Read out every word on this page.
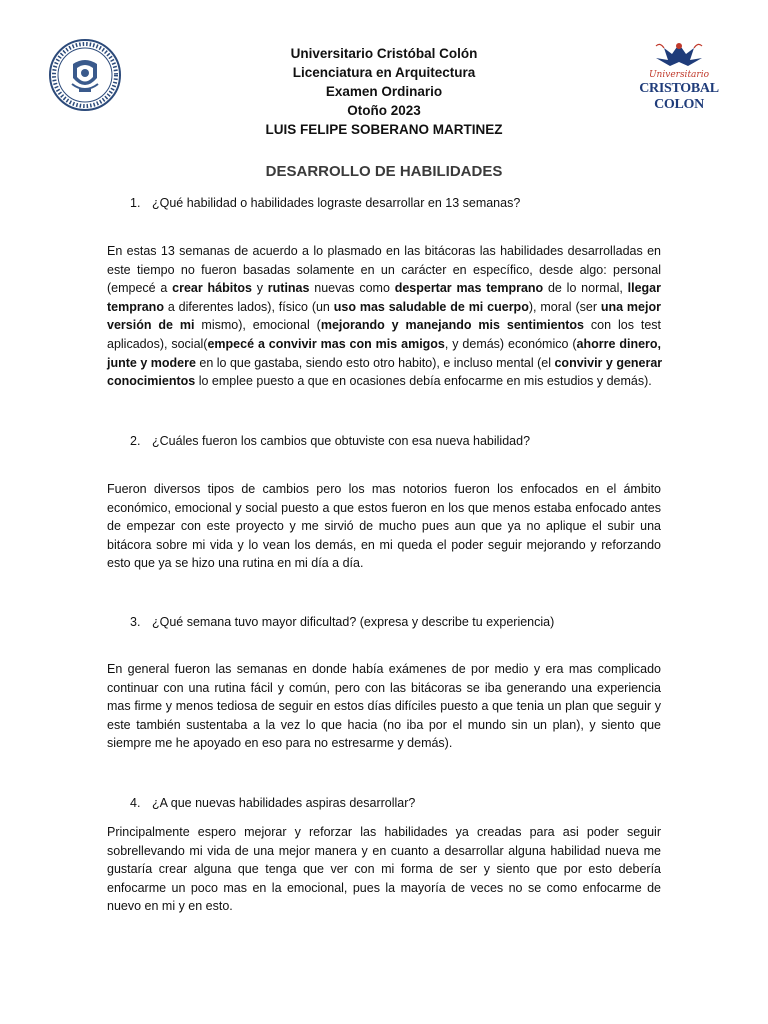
Universitario
CRISTOBAL COLON
Universitario Cristóbal Colón
Licenciatura en Arquitectura
Examen Ordinario
Otoño 2023
LUIS FELIPE SOBERANO MARTINEZ
DESARROLLO DE HABILIDADES
1. ¿Qué habilidad o habilidades lograste desarrollar en 13 semanas?
En estas 13 semanas de acuerdo a lo plasmado en las bitácoras las habilidades desarrolladas en
este tiempo no fueron basadas solamente en un carácter en específico, desde algo: personal
(empecé a crear hábitos y rutinas nuevas como despertar mas temprano de lo normal, llegar
temprano a diferentes lados), físico (un uso mas saludable de mi cuerpo), moral (ser una mejor
versión de mi mismo), emocional (mejorando y manejando mis sentimientos con los test
aplicados), social(empecé a convivir mas con mis amigos, y demás) económico (ahorre dinero,
junte y modere en lo que gastaba, siendo esto otro habito), e incluso mental (el convivir y generar
conocimientos lo emplee puesto a que en ocasiones debía enfocarme en mis estudios y demás).
2. ¿Cuáles fueron los cambios que obtuviste con esa nueva habilidad?
Fueron diversos tipos de cambios pero los mas notorios fueron los enfocados en el ámbito
económico, emocional y social puesto a que estos fueron en los que menos estaba enfocado antes
de empezar con este proyecto y me sirvió de mucho pues aun que ya no aplique el subir una
bitácora sobre mi vida y lo vean los demás, en mi queda el poder seguir mejorando y reforzando
esto que ya se hizo una rutina en mi día a día.
3. ¿Qué semana tuvo mayor dificultad? (expresa y describe tu experiencia)
En general fueron las semanas en donde había exámenes de por medio y era mas complicado
continuar con una rutina fácil y común, pero con las bitácoras se iba generando una experiencia
mas firme y menos tediosa de seguir en estos días difíciles puesto a que tenia un plan que seguir y
este también sustentaba a la vez lo que hacia (no iba por el mundo sin un plan), y siento que
siempre me he apoyado en eso para no estresarme y demás).
4. ¿A que nuevas habilidades aspiras desarrollar?
Principalmente espero mejorar y reforzar las habilidades ya creadas para asi poder seguir
sobrellevando mi vida de una mejor manera y en cuanto a desarrollar alguna habilidad nueva me
gustaría crear alguna que tenga que ver con mi forma de ser y siento que por esto debería
enfocarme un poco mas en la emocional, pues la mayoría de veces no se como enfocarme de
nuevo en mi y en esto.
